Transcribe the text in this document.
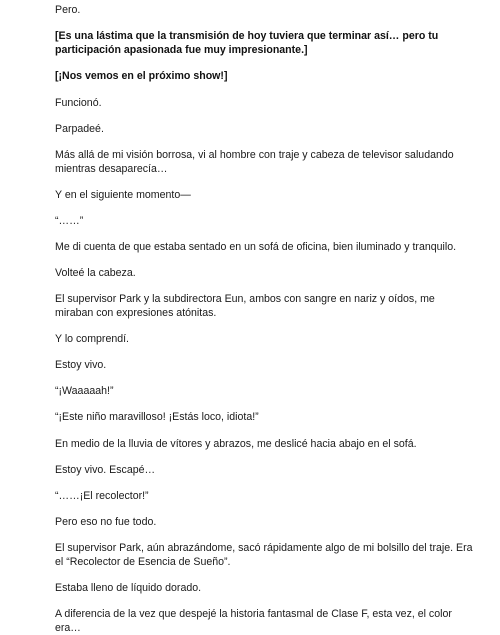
Pero.

[Es una lástima que la transmisión de hoy tuviera que terminar así… pero tu participación apasionada fue muy impresionante.]

[¡Nos vemos en el próximo show!]

Funcionó.

Parpadeé.

Más allá de mi visión borrosa, vi al hombre con traje y cabeza de televisor saludando mientras desaparecía…

Y en el siguiente momento—

“……”

Me di cuenta de que estaba sentado en un sofá de oficina, bien iluminado y tranquilo.

Volteé la cabeza.

El supervisor Park y la subdirectora Eun, ambos con sangre en nariz y oídos, me miraban con expresiones atónitas.

Y lo comprendí.

Estoy vivo.

“¡Waaaaah!”

“¡Este niño maravilloso! ¡Estás loco, idiota!”

En medio de la lluvia de vítores y abrazos, me deslicé hacia abajo en el sofá.

Estoy vivo. Escapé…

“……¡El recolector!”

Pero eso no fue todo.

El supervisor Park, aún abrazándome, sacó rápidamente algo de mi bolsillo del traje. Era el “Recolector de Esencia de Sueño”.

Estaba lleno de líquido dorado.

A diferencia de la vez que despejé la historia fantasmal de Clase F, esta vez, el color era…
